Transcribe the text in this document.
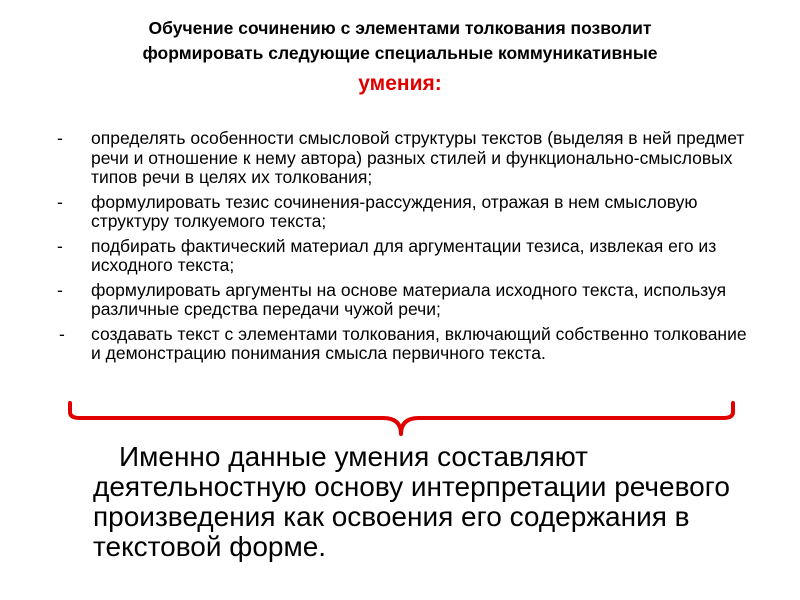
Обучение сочинению с элементами толкования позволит
формировать следующие специальные коммуникативные
умения:
-	определять особенности смысловой структуры текстов (выделяя в ней предмет речи и отношение к нему автора) разных стилей и функционально-смысловых типов речи в целях их толкования;
-	формулировать тезис сочинения-рассуждения, отражая в нем смысловую структуру толкуемого текста;
-	подбирать фактический материал для аргументации тезиса, извлекая его из исходного текста;
-	формулировать аргументы на основе материала исходного текста, используя различные средства передачи чужой речи;
-	создавать текст с элементами толкования, включающий собственно толкование и демонстрацию понимания смысла первичного текста.
Именно данные умения составляют деятельностную основу интерпретации речевого произведения как освоения его содержания в текстовой форме.
